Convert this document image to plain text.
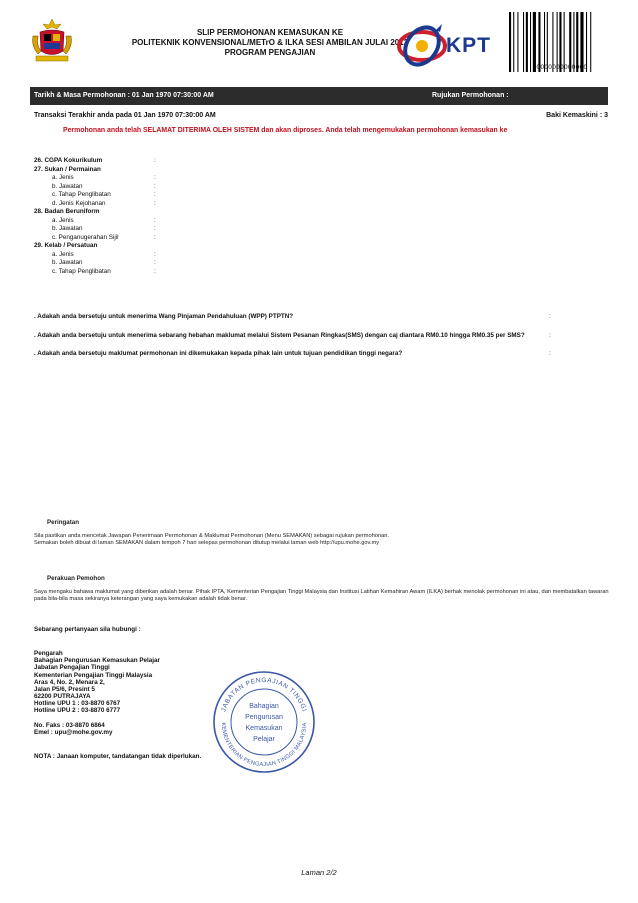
SLIP PERMOHONAN KEMASUKAN KE
POLITEKNIK KONVENSIONAL/METrO & ILKA SESI AMBILAN JULAI 2013
PROGRAM PENGAJIAN	KPT
0000000000000
Tarikh & Masa Permohonan : 01 Jan 1970 07:30:00 AM	Rujukan Permohonan :
Transaksi Terakhir anda pada 01 Jan 1970 07:30:00 AM	Baki Kemaskini : 3
Permohonan anda telah SELAMAT DITERIMA OLEH SISTEM dan akan diproses. Anda telah mengemukakan permohonan kemasukan ke
26. CGPA Kokurikulum	:
27. Sukan / Permainan
a. Jenis	:
b. Jawatan	:
c. Tahap Penglibatan	:
d. Jenis Kejohanan	:
28. Badan Beruniform
a. Jenis	:
b. Jawatan	:
c. Penganugerahan Sijil	:
29. Kelab / Persatuan
a. Jenis	:
b. Jawatan	:
c. Tahap Penglibatan	:
. Adakah anda bersetuju untuk menerima Wang Pinjaman Pendahuluan (WPP) PTPTN?	:
. Adakah anda bersetuju untuk menerima sebarang hebahan maklumat melalui Sistem Pesanan Ringkas(SMS) dengan caj diantara RM0.10 hingga RM0.35 per SMS?	:
. Adakah anda bersetuju maklumat permohonan ini dikemukakan kepada pihak lain untuk tujuan pendidikan tinggi negara?	:
Peringatan
Sila pastikan anda mencetak Jawapan Penerimaan Permohonan & Maklumat Permohonan (Menu SEMAKAN) sebagai rujukan permohonan.
Semakan boleh dibuat di laman SEMAKAN dalam tempoh 7 hari selepas permohonan ditutup melalui laman web http://upu.mohe.gov.my
Perakuan Pemohon
Saya mengaku bahawa maklumat yang diberikan adalah benar. Pihak IPTA, Kementerian Pengajian Tinggi Malaysia dan Institusi Latihan Kemahiran Awam (ILKA) berhak menolak permohonan ini atau, dan membatalkan tawaran
pada bila-bila masa sekiranya keterangan yang saya kemukakan adalah tidak benar.
Sebarang pertanyaan sila hubungi :
Pengarah
Bahagian Pengurusan Kemasukan Pelajar
Jabatan Pengajian Tinggi
Kementerian Pengajian Tinggi Malaysia
Aras 4, No. 2, Menara 2,
Jalan P5/6, Presint 5
62200 PUTRAJAYA
Hotline UPU 1 : 03-8870 6767
Hotline UPU 2 : 03-8870 6777
No. Faks : 03-8870 6864
Emel : upu@mohe.gov.my
NOTA : Janaan komputer, tandatangan tidak diperlukan.
JABATAN PENGAJIAN TINGGI
KEMENTERIAN PENGAJIAN TINGGI MALAYSIA
Bahagian
Pengurusan
Kemasukan
Pelajar
Laman 2/2
